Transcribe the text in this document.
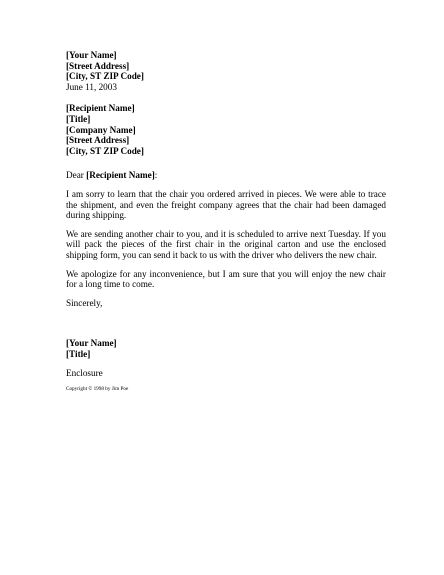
[Your Name]
[Street Address]
[City, ST ZIP Code]
June 11, 2003
[Recipient Name]
[Title]
[Company Name]
[Street Address]
[City, ST ZIP Code]
Dear [Recipient Name]:

I am sorry to learn that the chair you ordered arrived in pieces. We were able to trace the shipment, and even the freight company agrees that the chair had been damaged during shipping.

We are sending another chair to you, and it is scheduled to arrive next Tuesday. If you will pack the pieces of the first chair in the original carton and use the enclosed shipping form, you can send it back to us with the driver who delivers the new chair.

We apologize for any inconvenience, but I am sure that you will enjoy the new chair for a long time to come.

Sincerely,
[Your Name]
[Title]
Enclosure
Copyright © 1998 by Jim Poe
